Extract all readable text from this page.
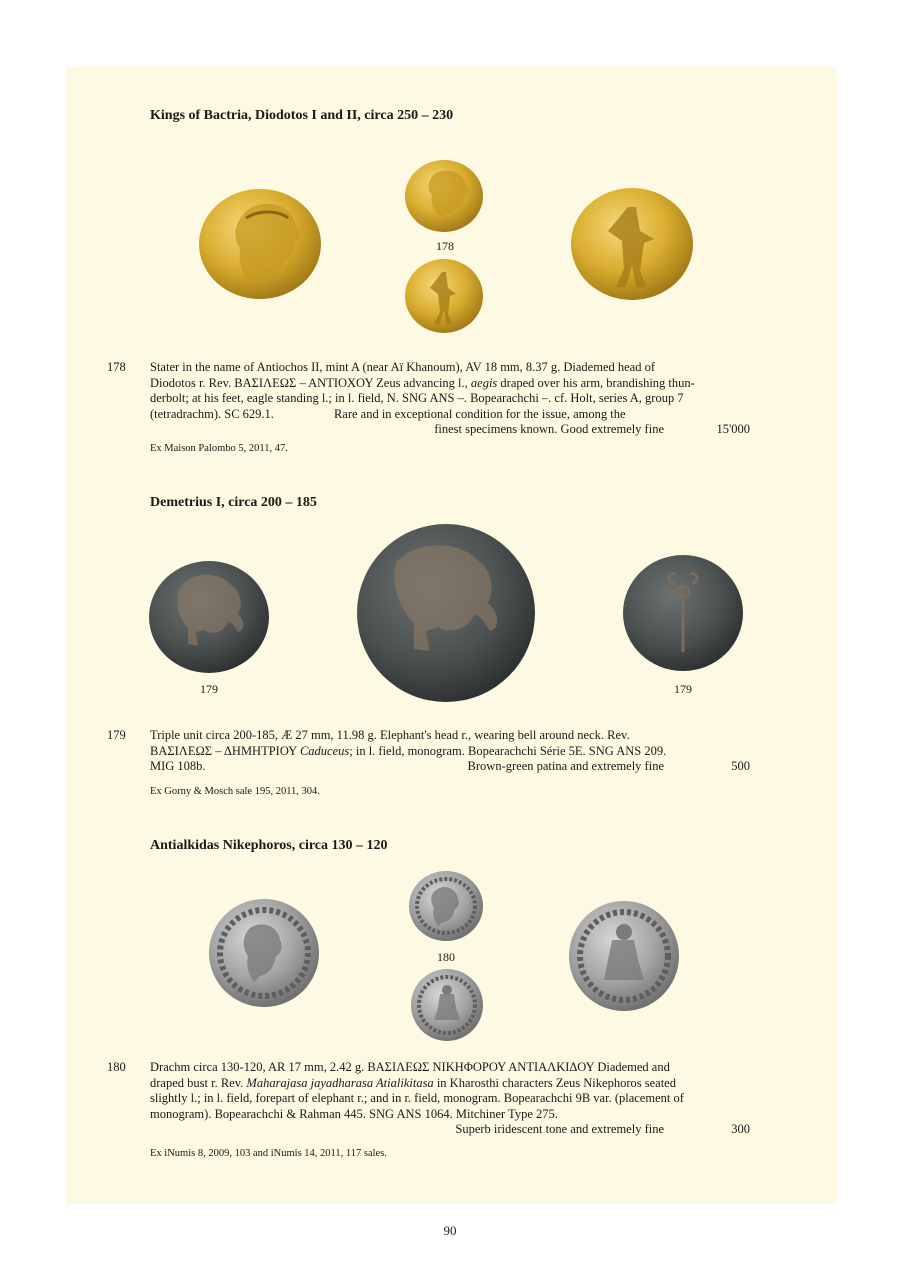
Kings of Bactria, Diodotos I and II, circa 250 – 230
178
178 Stater in the name of Antiochos II, mint A (near Aï Khanoum), AV 18 mm, 8.37 g. Diademed head of
Diodotos r. Rev. ΒΑΣΙΛΕΩΣ – ΑΝΤΙΟΧΟΥ Zeus advancing l., aegis draped over his arm, brandishing thun-
derbolt; at his feet, eagle standing l.; in l. field, N. SNG ANS –. Bopearachchi –. cf. Holt, series A, group 7
(tetradrachm). SC 629.1.	Rare and in exceptional condition for the issue, among the
finest specimens known. Good extremely fine	15'000
Ex Maison Palombo 5, 2011, 47.
Demetrius I, circa 200 – 185
179	179
179 Triple unit circa 200-185, Æ 27 mm, 11.98 g. Elephant's head r., wearing bell around neck. Rev.
ΒΑΣΙΛΕΩΣ – ΔΗΜΗΤΡΙΟΥ Caduceus; in l. field, monogram. Bopearachchi Série 5E. SNG ANS 209.
MIG 108b.	Brown-green patina and extremely fine	500
Ex Gorny & Mosch sale 195, 2011, 304.
Antialkidas Nikephoros, circa 130 – 120
180
180 Drachm circa 130-120, AR 17 mm, 2.42 g. ΒΑΣΙΛΕΩΣ ΝΙΚΗΦΟΡΟΥ ΑΝΤΙΑΛΚΙΔΟΥ Diademed and
draped bust r. Rev. Maharajasa jayadharasa Atialikitasa in Kharosthi characters Zeus Nikephoros seated
slightly l.; in l. field, forepart of elephant r.; and in r. field, monogram. Bopearachchi 9B var. (placement of
monogram). Bopearachchi & Rahman 445. SNG ANS 1064. Mitchiner Type 275.
Superb iridescent tone and extremely fine	300
Ex iNumis 8, 2009, 103 and iNumis 14, 2011, 117 sales.
90
